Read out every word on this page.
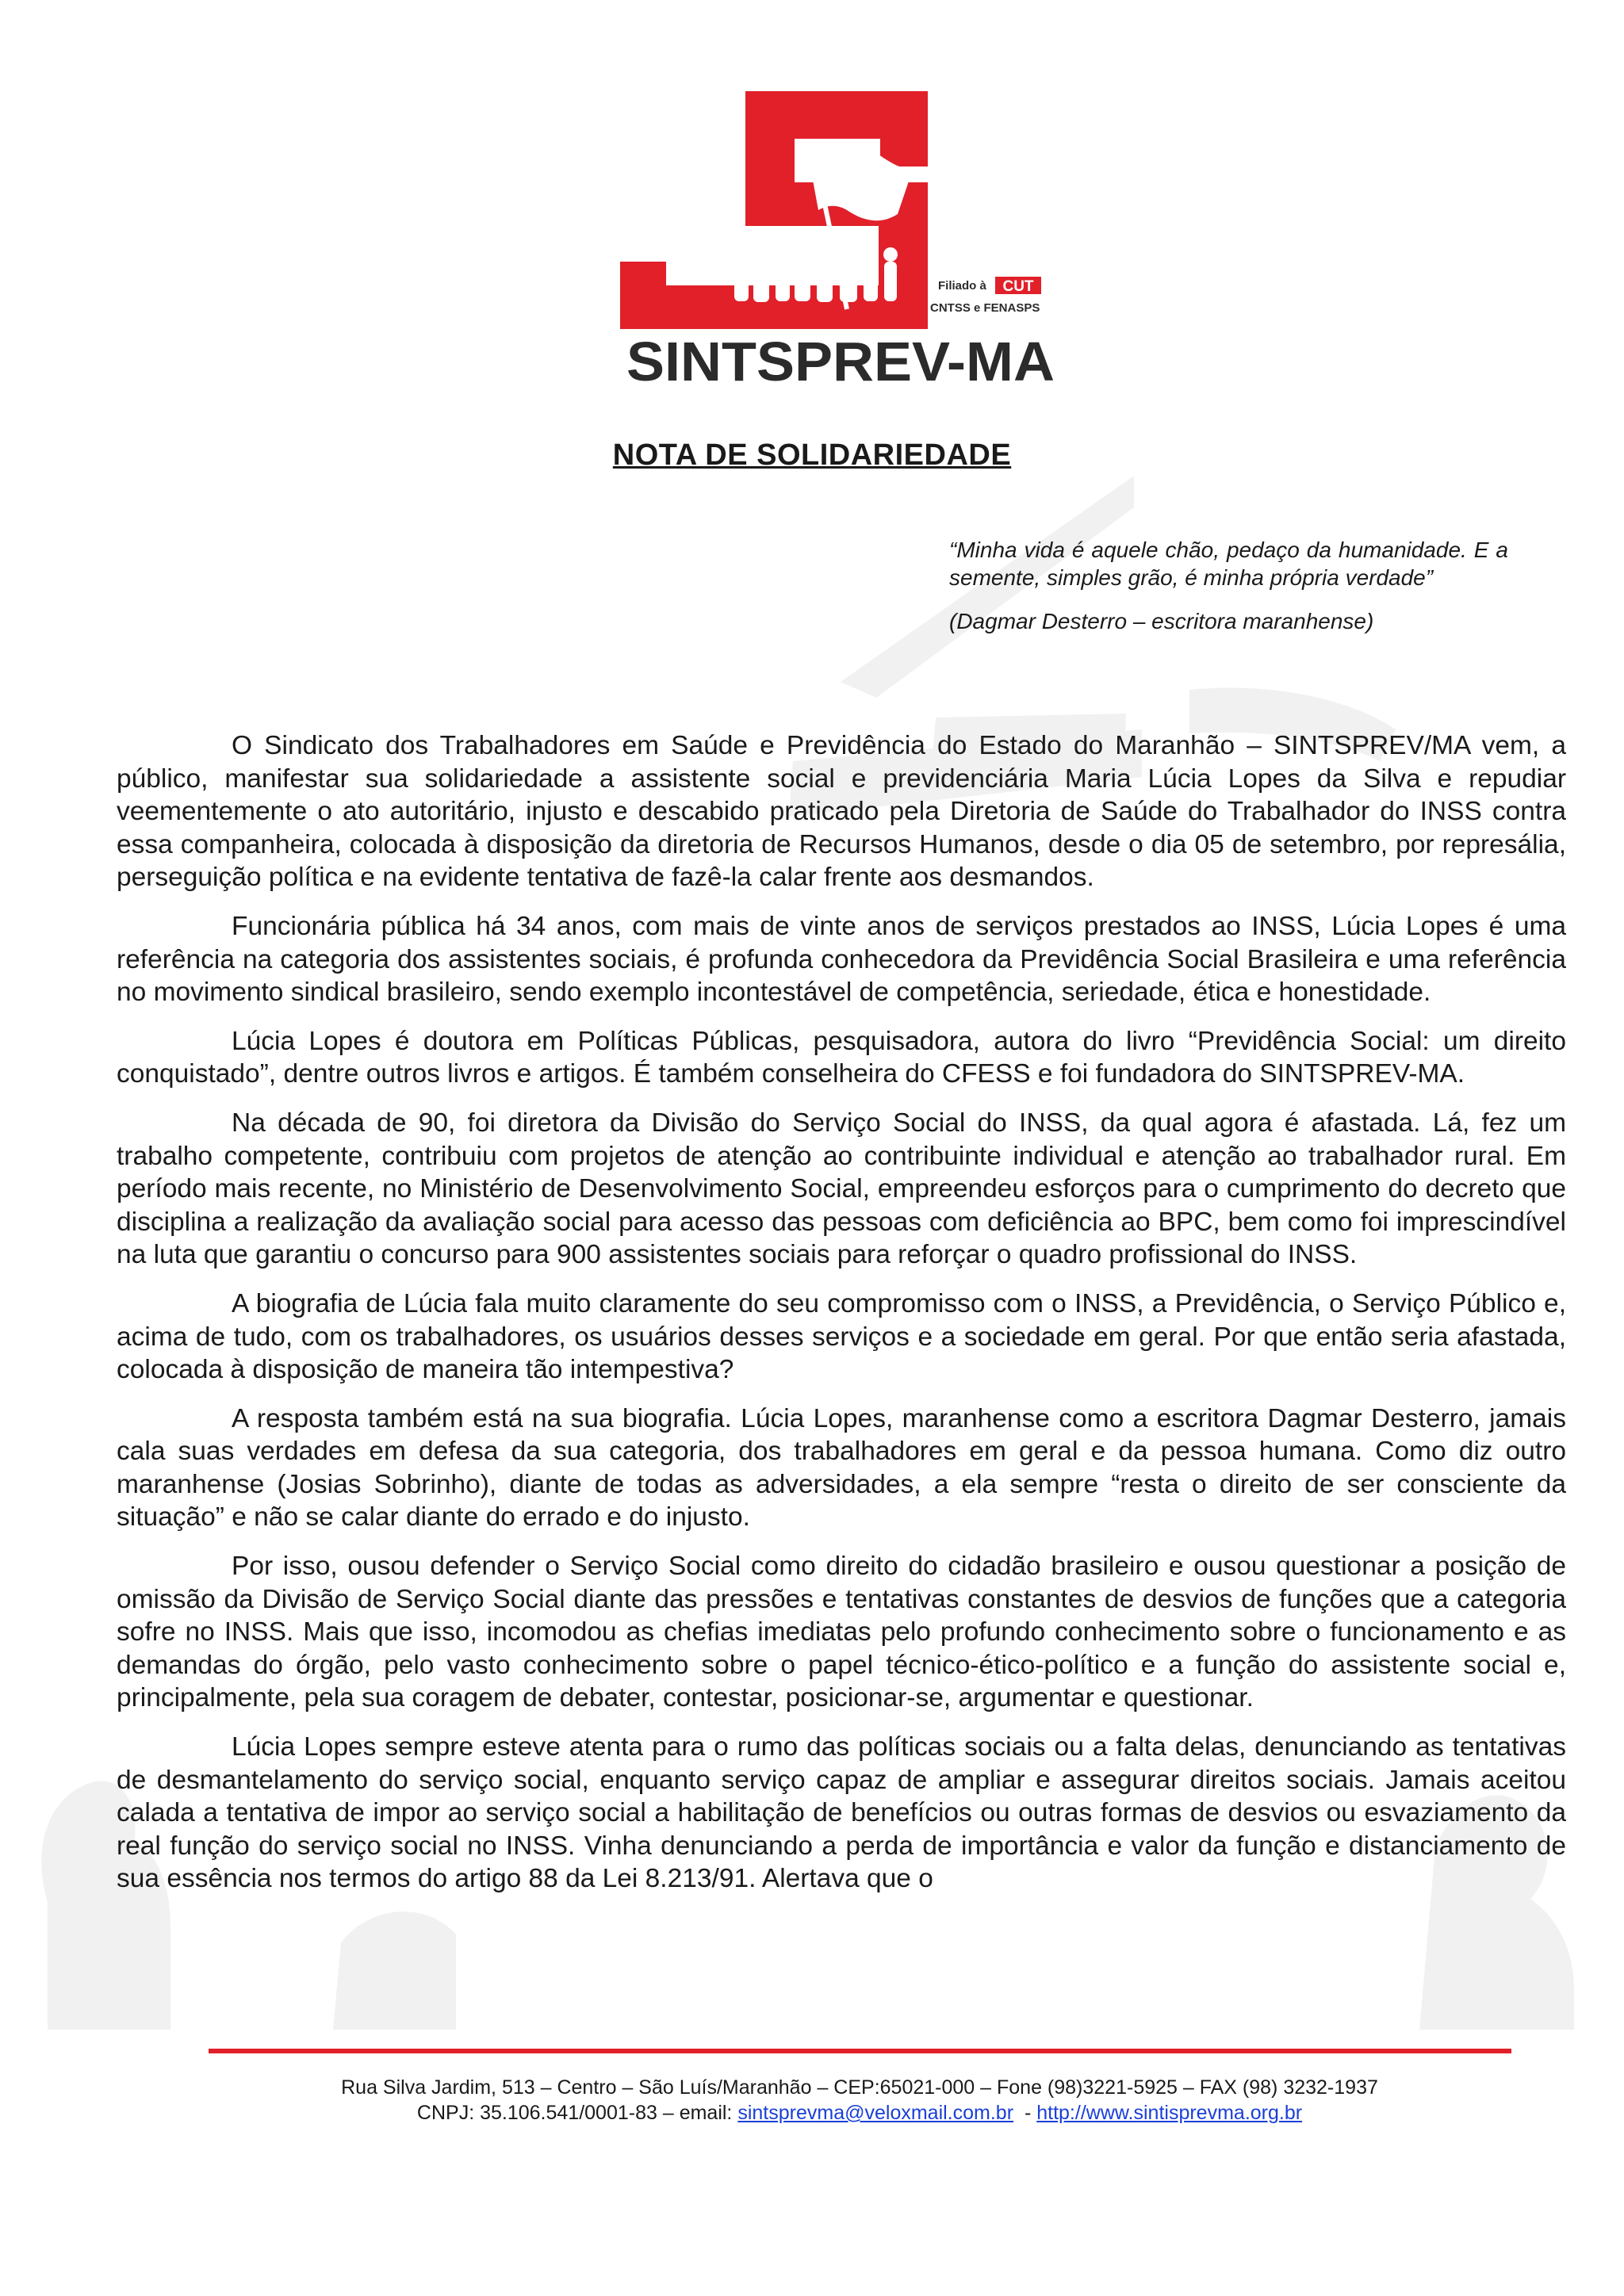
Filiado à CUT
CNTSS e FENASPS
SINTSPREV-MA
NOTA DE SOLIDARIEDADE

“Minha vida é aquele chão, pedaço da humanidade. E a semente, simples grão, é minha própria verdade”

(Dagmar Desterro – escritora maranhense)

O Sindicato dos Trabalhadores em Saúde e Previdência do Estado do Maranhão – SINTSPREV/MA vem, a público, manifestar sua solidariedade a assistente social e previdenciária Maria Lúcia Lopes da Silva e repudiar veementemente o ato autoritário, injusto e descabido praticado pela Diretoria de Saúde do Trabalhador do INSS contra essa companheira, colocada à disposição da diretoria de Recursos Humanos, desde o dia 05 de setembro, por represália, perseguição política e na evidente tentativa de fazê-la calar frente aos desmandos.

Funcionária pública há 34 anos, com mais de vinte anos de serviços prestados ao INSS, Lúcia Lopes é uma referência na categoria dos assistentes sociais, é profunda conhecedora da Previdência Social Brasileira e uma referência no movimento sindical brasileiro, sendo exemplo incontestável de competência, seriedade, ética e honestidade.

Lúcia Lopes é doutora em Políticas Públicas, pesquisadora, autora do livro “Previdência Social: um direito conquistado”, dentre outros livros e artigos. É também conselheira do CFESS e foi fundadora do SINTSPREV-MA.

Na década de 90, foi diretora da Divisão do Serviço Social do INSS, da qual agora é afastada. Lá, fez um trabalho competente, contribuiu com projetos de atenção ao contribuinte individual e atenção ao trabalhador rural. Em período mais recente, no Ministério de Desenvolvimento Social, empreendeu esforços para o cumprimento do decreto que disciplina a realização da avaliação social para acesso das pessoas com deficiência ao BPC, bem como foi imprescindível na luta que garantiu o concurso para 900 assistentes sociais para reforçar o quadro profissional do INSS.

A biografia de Lúcia fala muito claramente do seu compromisso com o INSS, a Previdência, o Serviço Público e, acima de tudo, com os trabalhadores, os usuários desses serviços e a sociedade em geral. Por que então seria afastada, colocada à disposição de maneira tão intempestiva?

A resposta também está na sua biografia. Lúcia Lopes, maranhense como a escritora Dagmar Desterro, jamais cala suas verdades em defesa da sua categoria, dos trabalhadores em geral e da pessoa humana. Como diz outro maranhense (Josias Sobrinho), diante de todas as adversidades, a ela sempre “resta o direito de ser consciente da situação” e não se calar diante do errado e do injusto.

Por isso, ousou defender o Serviço Social como direito do cidadão brasileiro e ousou questionar a posição de omissão da Divisão de Serviço Social diante das pressões e tentativas constantes de desvios de funções que a categoria sofre no INSS. Mais que isso, incomodou as chefias imediatas pelo profundo conhecimento sobre o funcionamento e as demandas do órgão, pelo vasto conhecimento sobre o papel técnico-ético-político e a função do assistente social e, principalmente, pela sua coragem de debater, contestar, posicionar-se, argumentar e questionar.

Lúcia Lopes sempre esteve atenta para o rumo das políticas sociais ou a falta delas, denunciando as tentativas de desmantelamento do serviço social, enquanto serviço capaz de ampliar e assegurar direitos sociais. Jamais aceitou calada a tentativa de impor ao serviço social a habilitação de benefícios ou outras formas de desvios ou esvaziamento da real função do serviço social no INSS. Vinha denunciando a perda de importância e valor da função e distanciamento de sua essência nos termos do artigo 88 da Lei 8.213/91. Alertava que o

Rua Silva Jardim, 513 – Centro – São Luís/Maranhão – CEP:65021-000 – Fone (98)3221-5925 – FAX (98) 3232-1937
CNPJ: 35.106.541/0001-83 – email: sintsprevma@veloxmail.com.br - http://www.sintisprevma.org.br
